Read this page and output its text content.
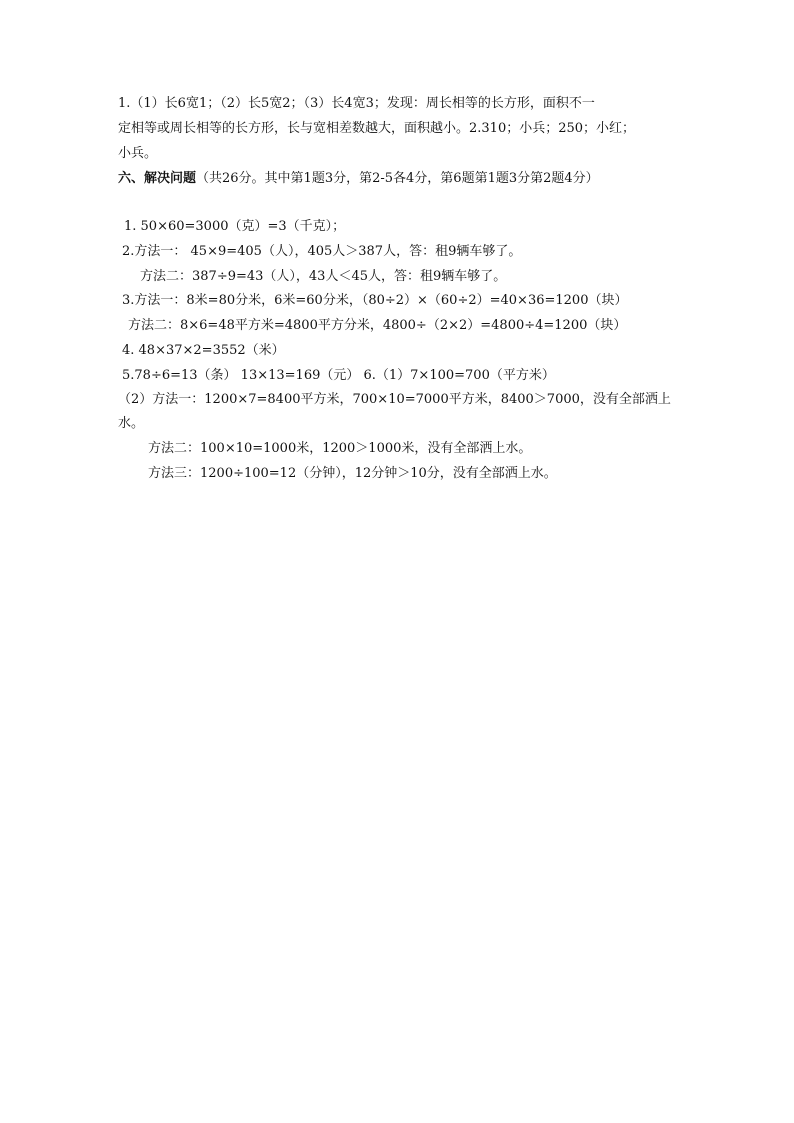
1.（1）长6宽1；（2）长5宽2；（3）长4宽3；发现：周长相等的长方形，面积不一
定相等或周长相等的长方形，长与宽相差数越大，面积越小。2.310；小兵；250；小红；
小兵。
六、解决问题（共26分。其中第1题3分，第2-5各4分，第6题第1题3分第2题4分）
1. 50×60=3000（克）=3（千克）；
2.方法一： 45×9=405（人），405人＞387人，答：租9辆车够了。
方法二：387÷9=43（人），43人＜45人，答：租9辆车够了。
3.方法一：8米=80分米，6米=60分米，（80÷2）×（60÷2）=40×36=1200（块）
方法二：8×6=48平方米=4800平方分米，4800÷（2×2）=4800÷4=1200（块）
4. 48×37×2=3552（米）
5.78÷6=13（条） 13×13=169（元） 6.（1）7×100=700（平方米）
（2）方法一：1200×7=8400平方米，700×10=7000平方米，8400＞7000，没有全部洒上
水。
方法二：100×10=1000米，1200＞1000米，没有全部洒上水。
方法三：1200÷100=12（分钟），12分钟＞10分，没有全部洒上水。
